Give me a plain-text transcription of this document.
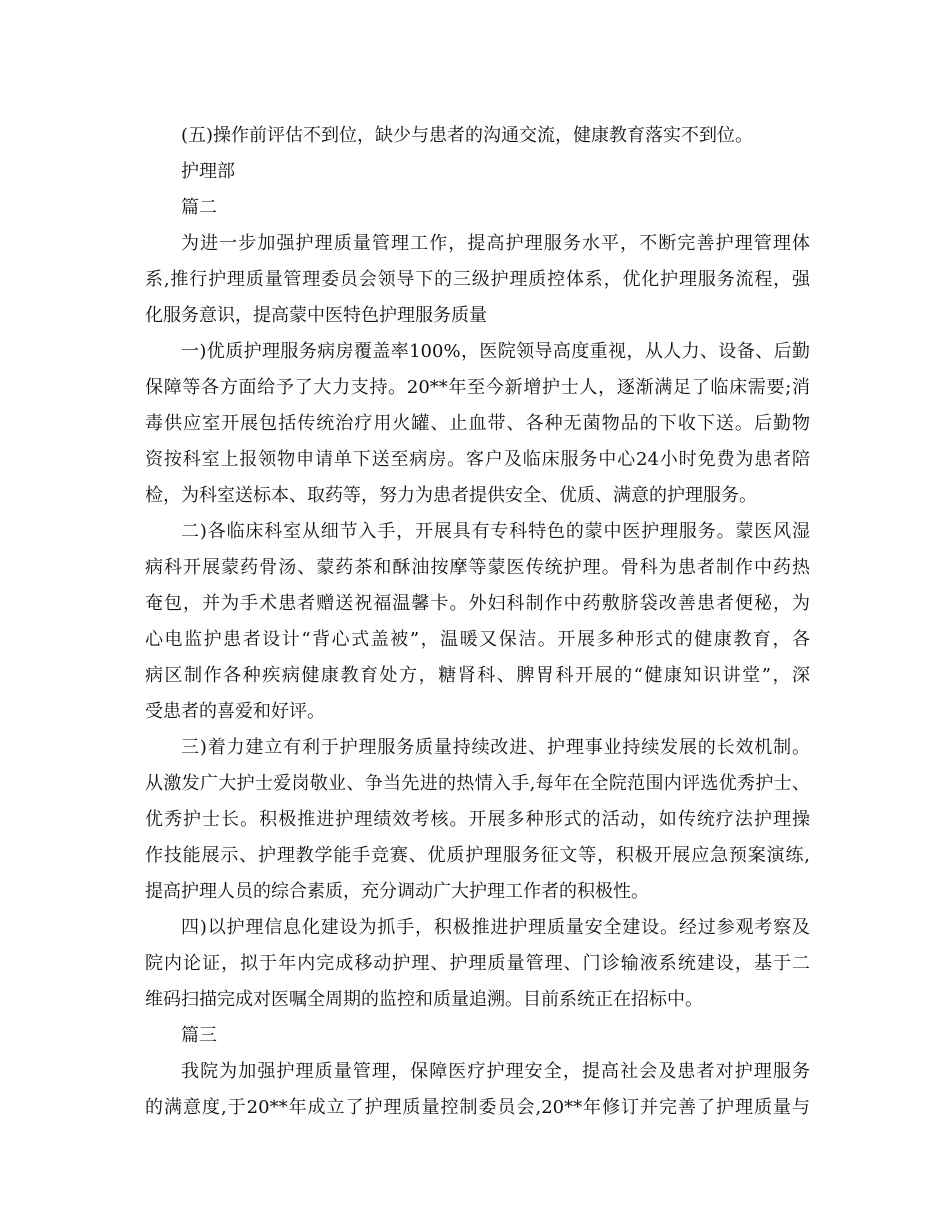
(五)操作前评估不到位，缺少与患者的沟通交流，健康教育落实不到位。
护理部
篇二
为进一步加强护理质量管理工作，提高护理服务水平，不断完善护理管理体
系,推行护理质量管理委员会领导下的三级护理质控体系，优化护理服务流程，强
化服务意识，提高蒙中医特色护理服务质量
一)优质护理服务病房覆盖率100%，医院领导高度重视，从人力、设备、后勤
保障等各方面给予了大力支持。20**年至今新增护士人，逐渐满足了临床需要;消
毒供应室开展包括传统治疗用火罐、止血带、各种无菌物品的下收下送。后勤物
资按科室上报领物申请单下送至病房。客户及临床服务中心24小时免费为患者陪
检，为科室送标本、取药等，努力为患者提供安全、优质、满意的护理服务。
二)各临床科室从细节入手，开展具有专科特色的蒙中医护理服务。蒙医风湿
病科开展蒙药骨汤、蒙药茶和酥油按摩等蒙医传统护理。骨科为患者制作中药热
奄包，并为手术患者赠送祝福温馨卡。外妇科制作中药敷脐袋改善患者便秘，为
心电监护患者设计“背心式盖被”，温暖又保洁。开展多种形式的健康教育，各
病区制作各种疾病健康教育处方，糖肾科、脾胃科开展的“健康知识讲堂”，深
受患者的喜爱和好评。
三)着力建立有利于护理服务质量持续改进、护理事业持续发展的长效机制。
从激发广大护士爱岗敬业、争当先进的热情入手,每年在全院范围内评选优秀护士、
优秀护士长。积极推进护理绩效考核。开展多种形式的活动，如传统疗法护理操
作技能展示、护理教学能手竞赛、优质护理服务征文等，积极开展应急预案演练,
提高护理人员的综合素质，充分调动广大护理工作者的积极性。
四)以护理信息化建设为抓手，积极推进护理质量安全建设。经过参观考察及
院内论证，拟于年内完成移动护理、护理质量管理、门诊输液系统建设，基于二
维码扫描完成对医嘱全周期的监控和质量追溯。目前系统正在招标中。
篇三
我院为加强护理质量管理，保障医疗护理安全，提高社会及患者对护理服务
的满意度,于20**年成立了护理质量控制委员会,20**年修订并完善了护理质量与
